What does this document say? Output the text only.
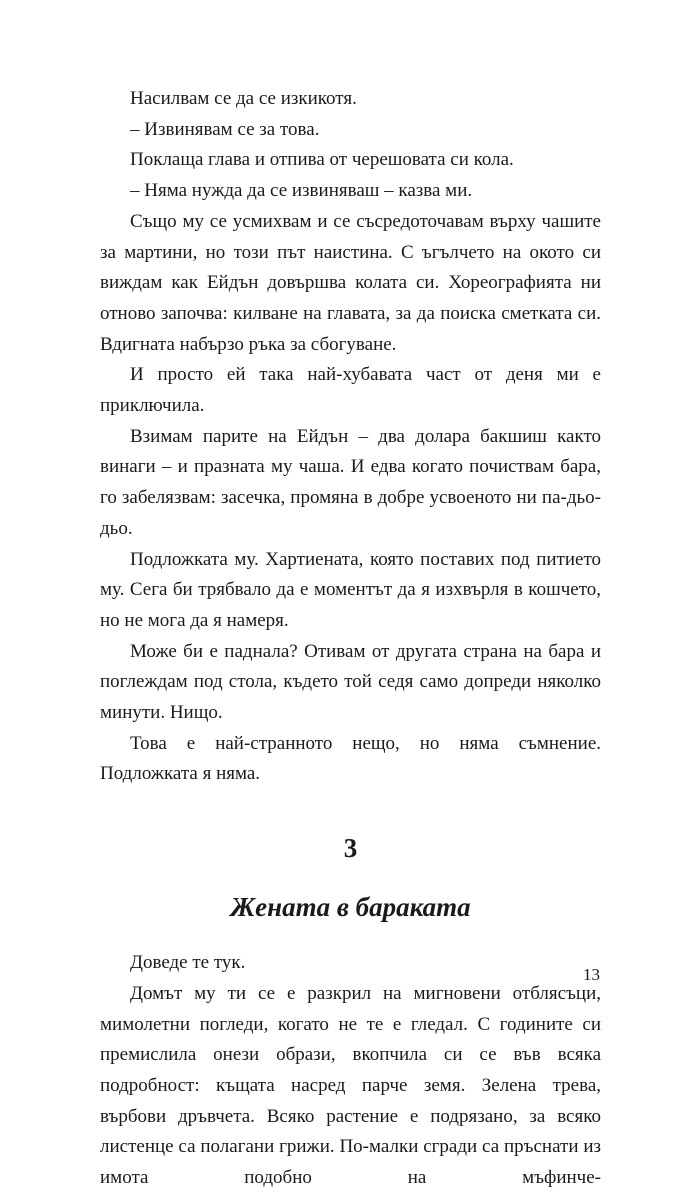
Насилвам се да се изкикотя.

– Извинявам се за това.

Поклаща глава и отпива от черешовата си кола.

– Няма нужда да се извиняваш – казва ми.

Също му се усмихвам и се съсредоточавам върху чашите за мартини, но този път наистина. С ъгълчето на окото си виждам как Ейдън довършва колата си. Хореографията ни отново започва: килване на главата, за да поиска сметката си. Вдигната набързо ръка за сбогуване.

И просто ей така най-хубавата част от деня ми е приключила.

Взимам парите на Ейдън – два долара бакшиш както винаги – и празната му чаша. И едва когато почиствам бара, го забелязвам: засечка, промяна в добре усвоеното ни па-дьо-дьо.

Подложката му. Хартиената, която поставих под питието му. Сега би трябвало да е моментът да я изхвърля в кошчето, но не мога да я намеря.

Може би е паднала? Отивам от другата страна на бара и поглеждам под стола, където той седя само допреди няколко минути. Нищо.

Това е най-странното нещо, но няма съмнение. Подложката я няма.

3
Жената в бараката

Доведе те тук.

Домът му ти се е разкрил на мигновени отблясъци, мимолетни погледи, когато не те е гледал. С годините си премислила онези образи, вкопчила си се във всяка подробност: къщата насред парче земя. Зелена трева, върбови дръвчета. Всяко растение е подрязано, за всяко листенце са полагани грижи. По-малки сгради са пръснати из имота подобно на мъфинче-

13
